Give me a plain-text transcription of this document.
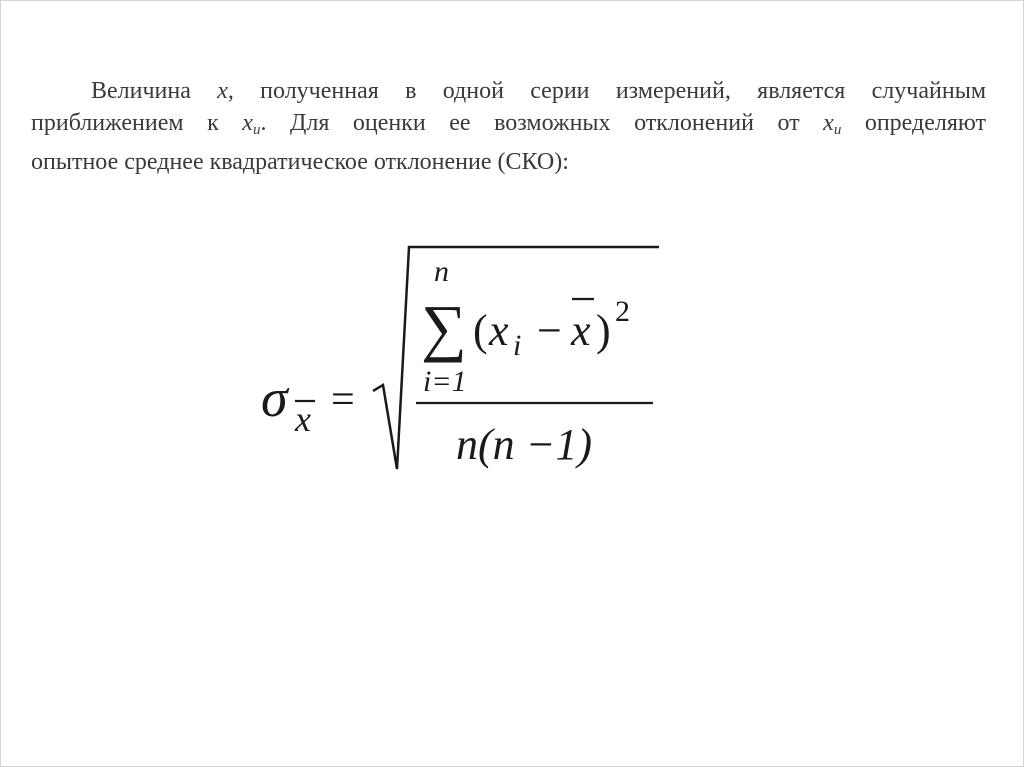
Величина x, полученная в одной серии измерений, является случайным
приближением к $x_и$. Для оценки ее возможных отклонений от $x_и$ определяют
опытное среднее квадратическое отклонение (СКО):
σ x =
n
∑
i=1
( x i − x ) 2
n(n −1)
